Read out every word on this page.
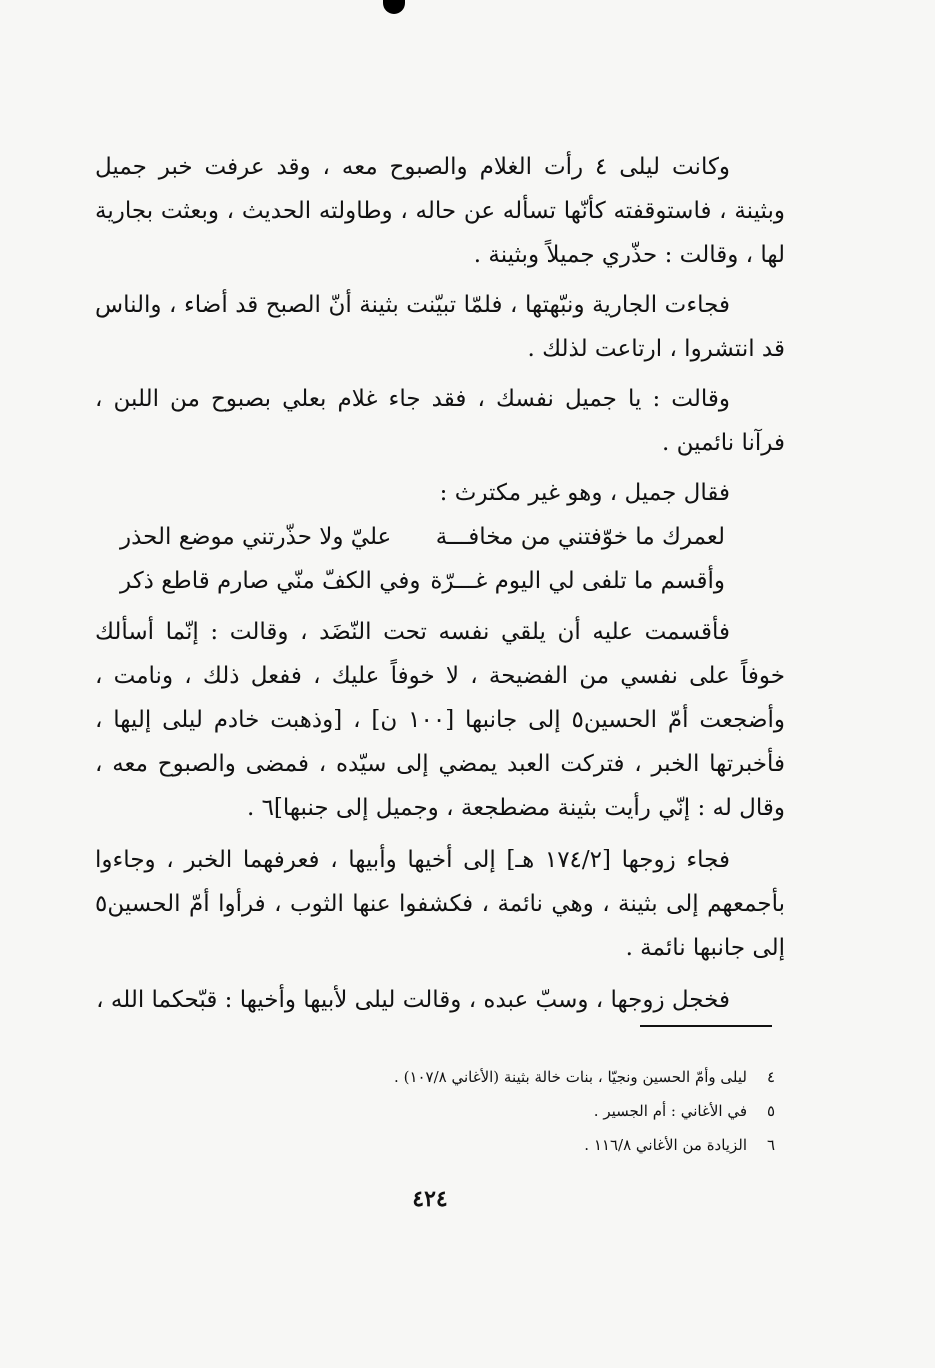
وكانت ليلى ٤ رأت الغلام والصبوح معه ، وقد عرفت خبر جميل وبثينة ، فاستوقفته كأنّها تسأله عن حاله ، وطاولته الحديث ، وبعثت بجارية لها ، وقالت : حذّري جميلاً وبثينة .

فجاءت الجارية ونبّهتها ، فلمّا تبيّنت بثينة أنّ الصبح قد أضاء ، والناس قد انتشروا ، ارتاعت لذلك .

وقالت : يا جميل نفسك ، فقد جاء غلام بعلي بصبوح من اللبن ، فرآنا نائمين .

فقال جميل ، وهو غير مكترث :

لعمرك ما خوّفتني من مخافـــة
عليّ ولا حذّرتني موضع الحذر
وأقسم ما تلفى لي اليوم غـــرّة
وفي الكفّ منّي صارم قاطع ذكر

فأقسمت عليه أن يلقي نفسه تحت النّضَد ، وقالت : إنّما أسألك خوفاً على نفسي من الفضيحة ، لا خوفاً عليك ، ففعل ذلك ، ونامت ، وأضجعت أمّ الحسين٥ إلى جانبها [١٠٠ ن] ، [وذهبت خادم ليلى إليها ، فأخبرتها الخبر ، فتركت العبد يمضي إلى سيّده ، فمضى والصبوح معه ، وقال له : إنّي رأيت بثينة مضطجعة ، وجميل إلى جنبها]٦ .

فجاء زوجها [١٧٤/٢ هـ] إلى أخيها وأبيها ، فعرفهما الخبر ، وجاءوا بأجمعهم إلى بثينة ، وهي نائمة ، فكشفوا عنها الثوب ، فرأوا أمّ الحسين٥ إلى جانبها نائمة .

فخجل زوجها ، وسبّ عبده ، وقالت ليلى لأبيها وأخيها : قبّحكما الله ،

٤ليلى وأمّ الحسين ونجيّا ، بنات خالة بثينة (الأغاني ١٠٧/٨) .

٥في الأغاني : أم الجسير .

٦الزيادة من الأغاني ١١٦/٨ .

٤٢٤
